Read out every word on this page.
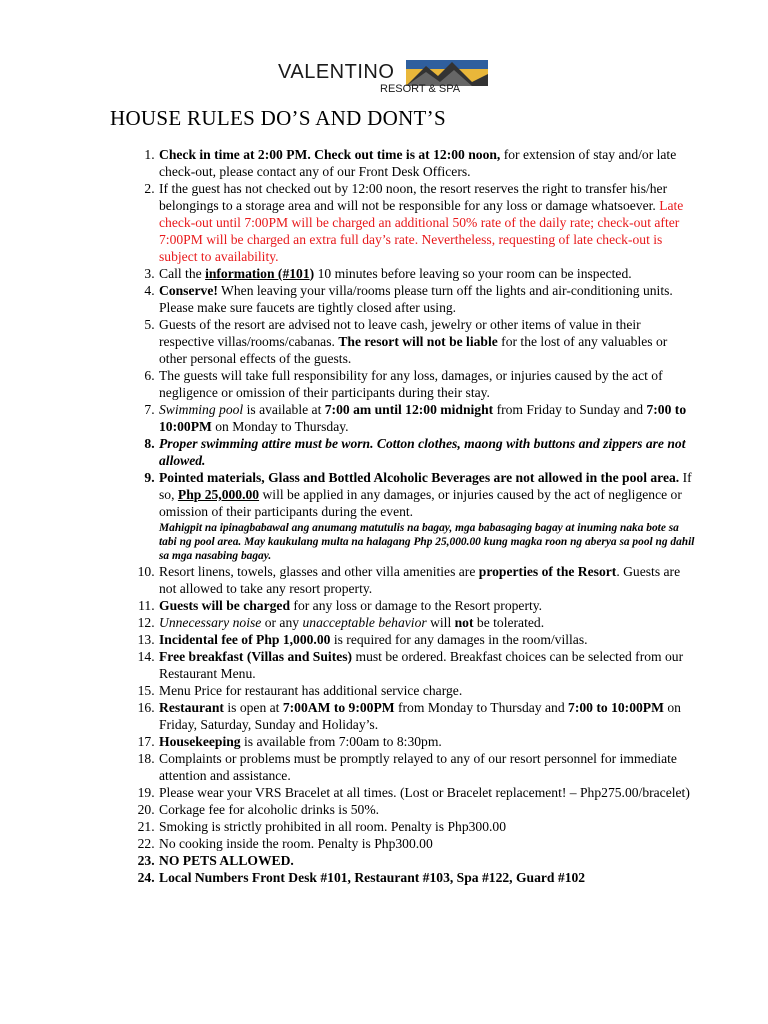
VALENTINO
RESORT & SPA
HOUSE RULES DO’S AND DONT’S
1. Check in time at 2:00 PM. Check out time is at 12:00 noon, for extension of stay and/or late check-out, please contact any of our Front Desk Officers.
2. If the guest has not checked out by 12:00 noon, the resort reserves the right to transfer his/her belongings to a storage area and will not be responsible for any loss or damage whatsoever. Late check-out until 7:00PM will be charged an additional 50% rate of the daily rate; check-out after 7:00PM will be charged an extra full day’s rate. Nevertheless, requesting of late check-out is subject to availability.
3. Call the information (#101) 10 minutes before leaving so your room can be inspected.
4. Conserve! When leaving your villa/rooms please turn off the lights and air-conditioning units. Please make sure faucets are tightly closed after using.
5. Guests of the resort are advised not to leave cash, jewelry or other items of value in their respective villas/rooms/cabanas. The resort will not be liable for the lost of any valuables or other personal effects of the guests.
6. The guests will take full responsibility for any loss, damages, or injuries caused by the act of negligence or omission of their participants during their stay.
7. Swimming pool is available at 7:00 am until 12:00 midnight from Friday to Sunday and 7:00 to 10:00PM on Monday to Thursday.
8. Proper swimming attire must be worn. Cotton clothes, maong with buttons and zippers are not allowed.
9. Pointed materials, Glass and Bottled Alcoholic Beverages are not allowed in the pool area. If so, Php 25,000.00 will be applied in any damages, or injuries caused by the act of negligence or omission of their participants during the event.
Mahigpit na ipinagbabawal ang anumang matutulis na bagay, mga babasaging bagay at inuming naka bote sa tabi ng pool area. May kaukulang multa na halagang Php 25,000.00 kung magka roon ng aberya sa pool ng dahil sa mga nasabing bagay.
10. Resort linens, towels, glasses and other villa amenities are properties of the Resort. Guests are not allowed to take any resort property.
11. Guests will be charged for any loss or damage to the Resort property.
12. Unnecessary noise or any unacceptable behavior will not be tolerated.
13. Incidental fee of Php 1,000.00 is required for any damages in the room/villas.
14. Free breakfast (Villas and Suites) must be ordered. Breakfast choices can be selected from our Restaurant Menu.
15. Menu Price for restaurant has additional service charge.
16. Restaurant is open at 7:00AM to 9:00PM from Monday to Thursday and 7:00 to 10:00PM on Friday, Saturday, Sunday and Holiday’s.
17. Housekeeping is available from 7:00am to 8:30pm.
18. Complaints or problems must be promptly relayed to any of our resort personnel for immediate attention and assistance.
19. Please wear your VRS Bracelet at all times. (Lost or Bracelet replacement! – Php275.00/bracelet)
20. Corkage fee for alcoholic drinks is 50%.
21. Smoking is strictly prohibited in all room. Penalty is Php300.00
22. No cooking inside the room. Penalty is Php300.00
23. NO PETS ALLOWED.
24. Local Numbers Front Desk #101, Restaurant #103, Spa #122, Guard #102
